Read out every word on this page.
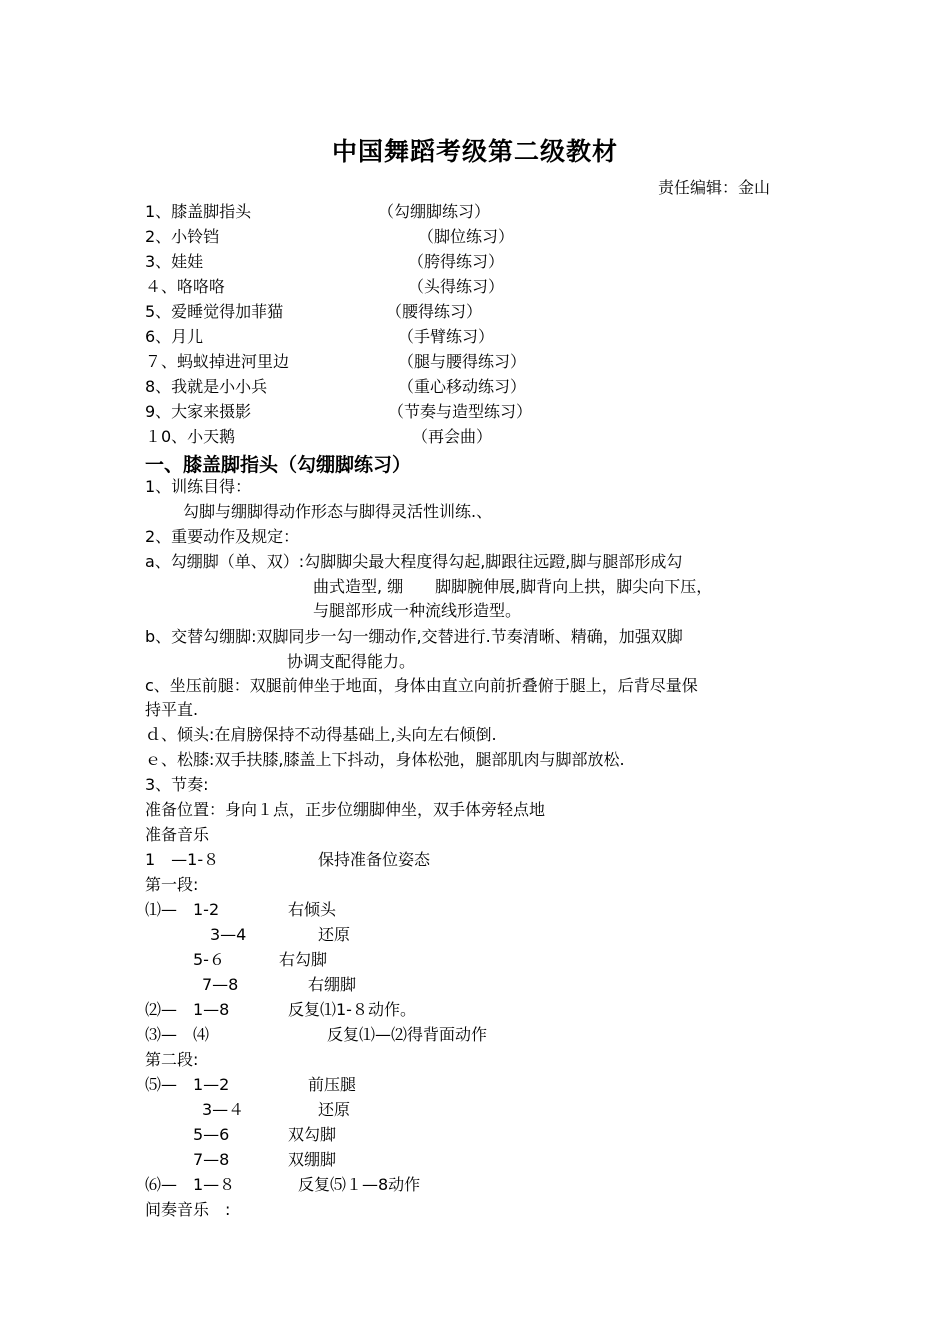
中国舞蹈考级第二级教材
责任编辑：金山
1、膝盖脚指头	（勾绷脚练习）
2、小铃铛	（脚位练习）
3、娃娃	（胯得练习）
４、咯咯咯	（头得练习）
5、爱睡觉得加菲猫	（腰得练习）
6、月儿	（手臂练习）
７、蚂蚁掉进河里边	（腿与腰得练习）
8、我就是小小兵	（重心移动练习）
9、大家来摄影	（节奏与造型练习）
１0、小天鹅	（再会曲）
一、膝盖脚指头（勾绷脚练习）
1、训练目得：
勾脚与绷脚得动作形态与脚得灵活性训练.、
2、重要动作及规定：
a、勾绷脚（单、双）:勾脚脚尖最大程度得勾起,脚跟往远蹬,脚与腿部形成勾
曲式造型, 绷　　脚脚腕伸展,脚背向上拱，脚尖向下压，
与腿部形成一种流线形造型。
b、交替勾绷脚:双脚同步一勾一绷动作,交替进行.节奏清晰、精确，加强双脚
协调支配得能力。
c、坐压前腿：双腿前伸坐于地面，身体由直立向前折叠俯于腿上，后背尽量保
持平直.
ｄ、倾头:在肩膀保持不动得基础上,头向左右倾倒.
ｅ、松膝:双手扶膝,膝盖上下抖动，身体松弛，腿部肌肉与脚部放松.
3、节奏:
准备位置：身向１点，正步位绷脚伸坐，双手体旁轻点地
准备音乐
1　—1-８	保持准备位姿态
第一段:
⑴—　1-2	右倾头
3—4	还原
5-６	右勾脚
7—8	右绷脚
⑵—　1—8	反复⑴1-８动作。
⑶—　⑷	反复⑴—⑵得背面动作
第二段:
⑸—　1—2	前压腿
3—４	还原
5—6	双勾脚
7—8	双绷脚
⑹—　1—８	反复⑸１—8动作
间奏音乐　:
